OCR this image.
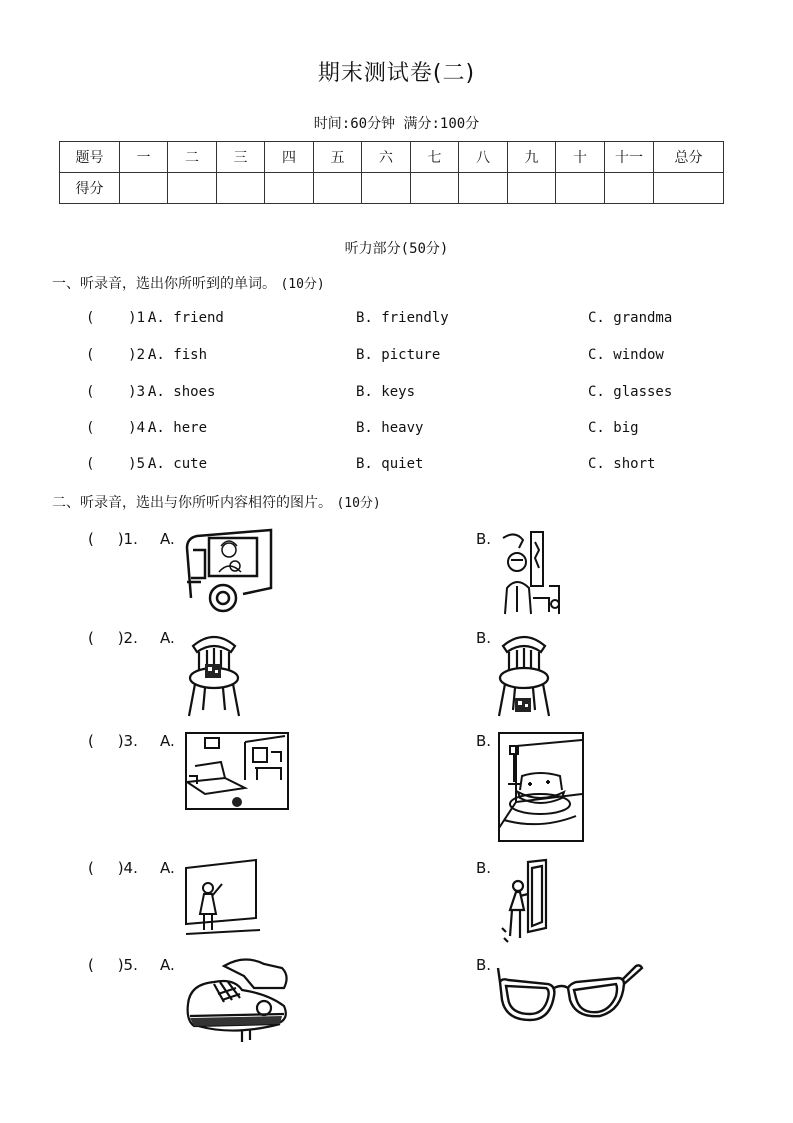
期末测试卷(二)
时间:60分钟 满分:100分
题号	一	二	三	四	五	六	七	八	九	十	十一	总分
得分												
听力部分(50分)
一、听录音，选出你所听到的单词。 (10分)
(    )1.
A. friend	B. friendly	C. grandma
(    )2.
A. fish	B. picture	C. window
(    )3.
A. shoes	B. keys	C. glasses
(    )4.
A. here	B. heavy	C. big
(    )5.
A. cute	B. quiet	C. short
二、听录音，选出与你所听内容相符的图片。 (10分)
(     )1. A.	B.
(     )2. A.	B.
(     )3. A.	B.
(     )4. A.	B.
(     )5. A.	B.
